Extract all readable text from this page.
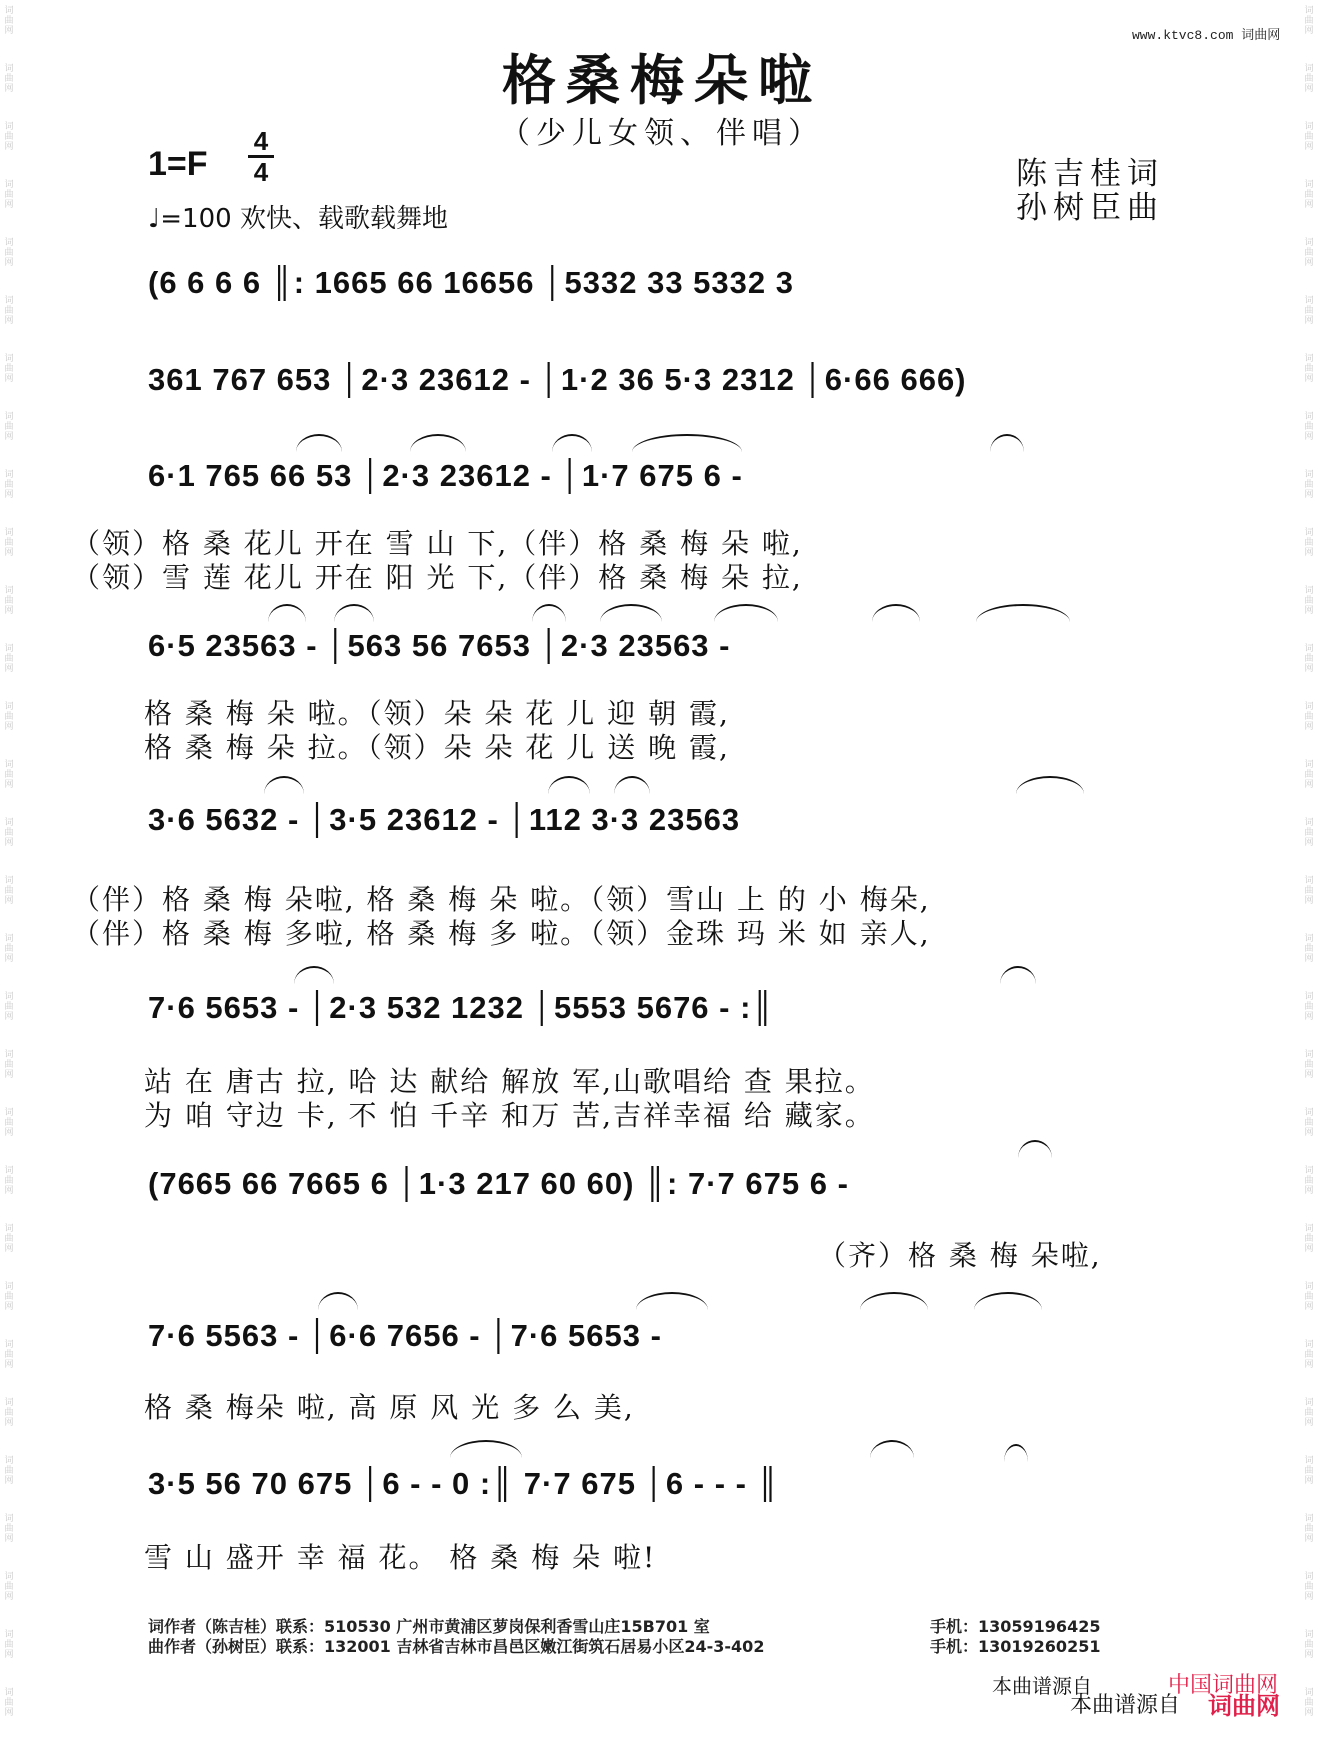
词
曲
网
词
曲
网
词
曲
网
词
曲
网
词
曲
网
词
曲
网
词
曲
网
词
曲
网
词
曲
网
词
曲
网
词
曲
网
词
曲
网
词
曲
网
词
曲
网
词
曲
网
词
曲
网
词
曲
网
词
曲
网
词
曲
网
词
曲
网
词
曲
网
词
曲
网
词
曲
网
词
曲
网
词
曲
网
词
曲
网
词
曲
网
词
曲
网
词
曲
网
词
曲
网
词
曲
网
词
曲
网
词
曲
网
词
曲
网
词
曲
网
词
曲
网
词
曲
网
词
曲
网
词
曲
网
词
曲
网
词
曲
网
词
曲
网
词
曲
网
词
曲
网
词
曲
网
词
曲
网
词
曲
网
词
曲
网
词
曲
网
词
曲
网
词
曲
网
词
曲
网
词
曲
网
词
曲
网
词
曲
网
词
曲
网
词
曲
网
词
曲
网
词
曲
网
词
曲
网
www.ktvc8.com 词曲网
格桑梅朵啦
（少儿女领、伴唱）
1=F
4
4
♩=100 欢快、载歌载舞地
陈吉桂词
孙树臣曲
(6 6 6 6 ║: 1665 66 16656 │5332 33 5332 3
361 767 653 │2·3 23612 - │1·2 36 5·3 2312 │6·66 666)
6·1 765 66 53 │2·3 23612 - │1·7 675 6 -
（领）格 桑 花儿 开在 雪 山 下,（伴）格 桑 梅 朵 啦,
（领）雪 莲 花儿 开在 阳 光 下,（伴）格 桑 梅 朵 拉,
6·5 23563 - │563 56 7653 │2·3 23563 -
格 桑 梅 朵 啦。（领）朵 朵 花 儿 迎 朝 霞,
格 桑 梅 朵 拉。（领）朵 朵 花 儿 送 晚 霞,
3·6 5632 - │3·5 23612 - │112 3·3 23563
（伴）格 桑 梅 朵啦, 格 桑 梅 朵 啦。（领）雪山 上 的 小 梅朵,
（伴）格 桑 梅 多啦, 格 桑 梅 多 啦。（领）金珠 玛 米 如 亲人,
7·6 5653 - │2·3 532 1232 │5553 5676 - :║
站 在 唐古 拉, 哈 达 献给 解放 军,山歌唱给 查 果拉。
为 咱 守边 卡, 不 怕 千辛 和万 苦,吉祥幸福 给 藏家。
(7665 66 7665 6 │1·3 217 60 60) ║: 7·7 675 6 -
（齐）格 桑 梅 朵啦,
7·6 5563 - │6·6 7656 - │7·6 5653 -
格 桑 梅朵 啦, 高 原 风 光 多 么 美,
3·5 56 70 675 │6 - - 0 :║ 7·7 675 │6 - - - ║
雪 山 盛开 幸 福 花。 格 桑 梅 朵 啦!
词作者（陈吉桂）联系：510530 广州市黄浦区萝岗保利香雪山庄15B701 室	手机：13059196425
曲作者（孙树臣）联系：132001 吉林省吉林市昌邑区嫩江街筑石居易小区24-3-402	手机：13019260251
本曲谱源自	中国词曲网
本曲谱源自 词曲网
